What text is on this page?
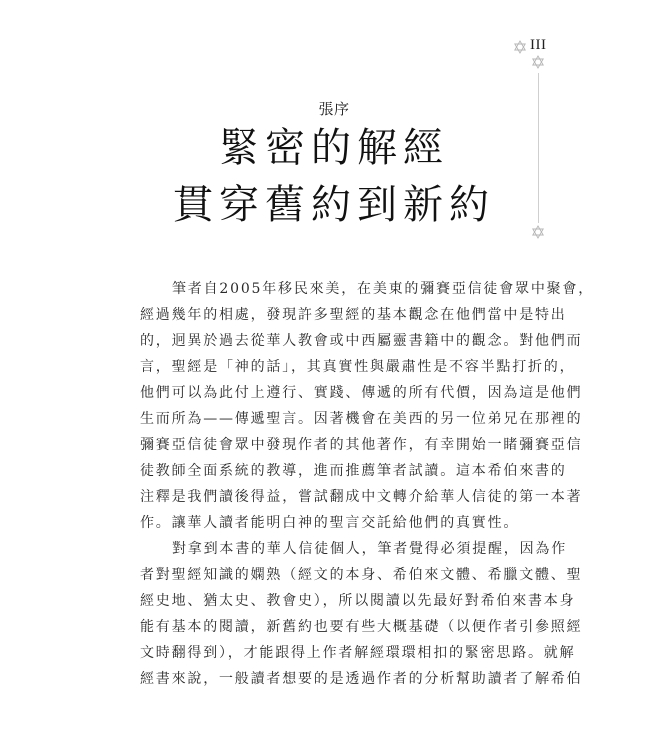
III
張序
緊密的解經
貫穿舊約到新約
筆者自2005年移民來美，在美東的彌賽亞信徒會眾中聚會，
經過幾年的相處，發現許多聖經的基本觀念在他們當中是特出
的，迥異於過去從華人教會或中西屬靈書籍中的觀念。對他們而
言，聖經是「神的話」，其真實性與嚴肅性是不容半點打折的，
他們可以為此付上遵行、實踐、傳遞的所有代價，因為這是他們
生而所為——傳遞聖言。因著機會在美西的另一位弟兄在那裡的
彌賽亞信徒會眾中發現作者的其他著作，有幸開始一睹彌賽亞信
徒教師全面系統的教導，進而推薦筆者試讀。這本希伯來書的
注釋是我們讀後得益，嘗試翻成中文轉介給華人信徒的第一本著
作。讓華人讀者能明白神的聖言交託給他們的真實性。
對拿到本書的華人信徒個人，筆者覺得必須提醒，因為作
者對聖經知識的嫻熟（經文的本身、希伯來文體、希臘文體、聖
經史地、猶太史、教會史），所以閱讀以先最好對希伯來書本身
能有基本的閱讀，新舊約也要有些大概基礎（以便作者引參照經
文時翻得到），才能跟得上作者解經環環相扣的緊密思路。就解
經書來說，一般讀者想要的是透過作者的分析幫助讀者了解希伯
